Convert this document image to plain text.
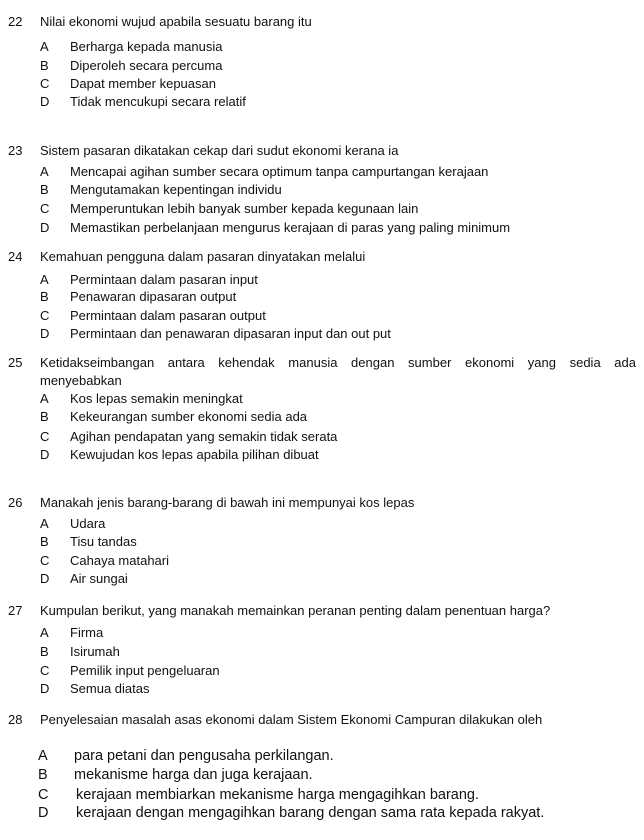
22 Nilai ekonomi wujud apabila sesuatu barang itu
A Berharga kepada manusia
B Diperoleh secara percuma
C Dapat member kepuasan
D Tidak mencukupi secara relatif
23 Sistem pasaran dikatakan cekap dari sudut ekonomi kerana ia
A Mencapai agihan sumber secara optimum tanpa campurtangan kerajaan
B Mengutamakan kepentingan individu
C Memperuntukan lebih banyak sumber kepada kegunaan lain
D Memastikan perbelanjaan mengurus kerajaan di paras yang paling minimum
24 Kemahuan pengguna dalam pasaran dinyatakan melalui
A Permintaan dalam pasaran input
B Penawaran dipasaran output
C Permintaan dalam pasaran output
D Permintaan dan penawaran dipasaran input dan out put
25 Ketidakseimbangan antara kehendak manusia dengan sumber ekonomi yang sedia ada
menyebabkan
A Kos lepas semakin meningkat
B Kekeurangan sumber ekonomi sedia ada
C Agihan pendapatan yang semakin tidak serata
D Kewujudan kos lepas apabila pilihan dibuat
26 Manakah jenis barang-barang di bawah ini mempunyai kos lepas
A Udara
B Tisu tandas
C Cahaya matahari
D Air sungai
27 Kumpulan berikut, yang manakah memainkan peranan penting dalam penentuan harga?
A Firma
B Isirumah
C Pemilik input pengeluaran
D Semua diatas
28 Penyelesaian masalah asas ekonomi dalam Sistem Ekonomi Campuran dilakukan oleh
A para petani dan pengusaha perkilangan.
B mekanisme harga dan juga kerajaan.
C kerajaan membiarkan mekanisme harga mengagihkan barang.
D kerajaan dengan mengagihkan barang dengan sama rata kepada rakyat.
